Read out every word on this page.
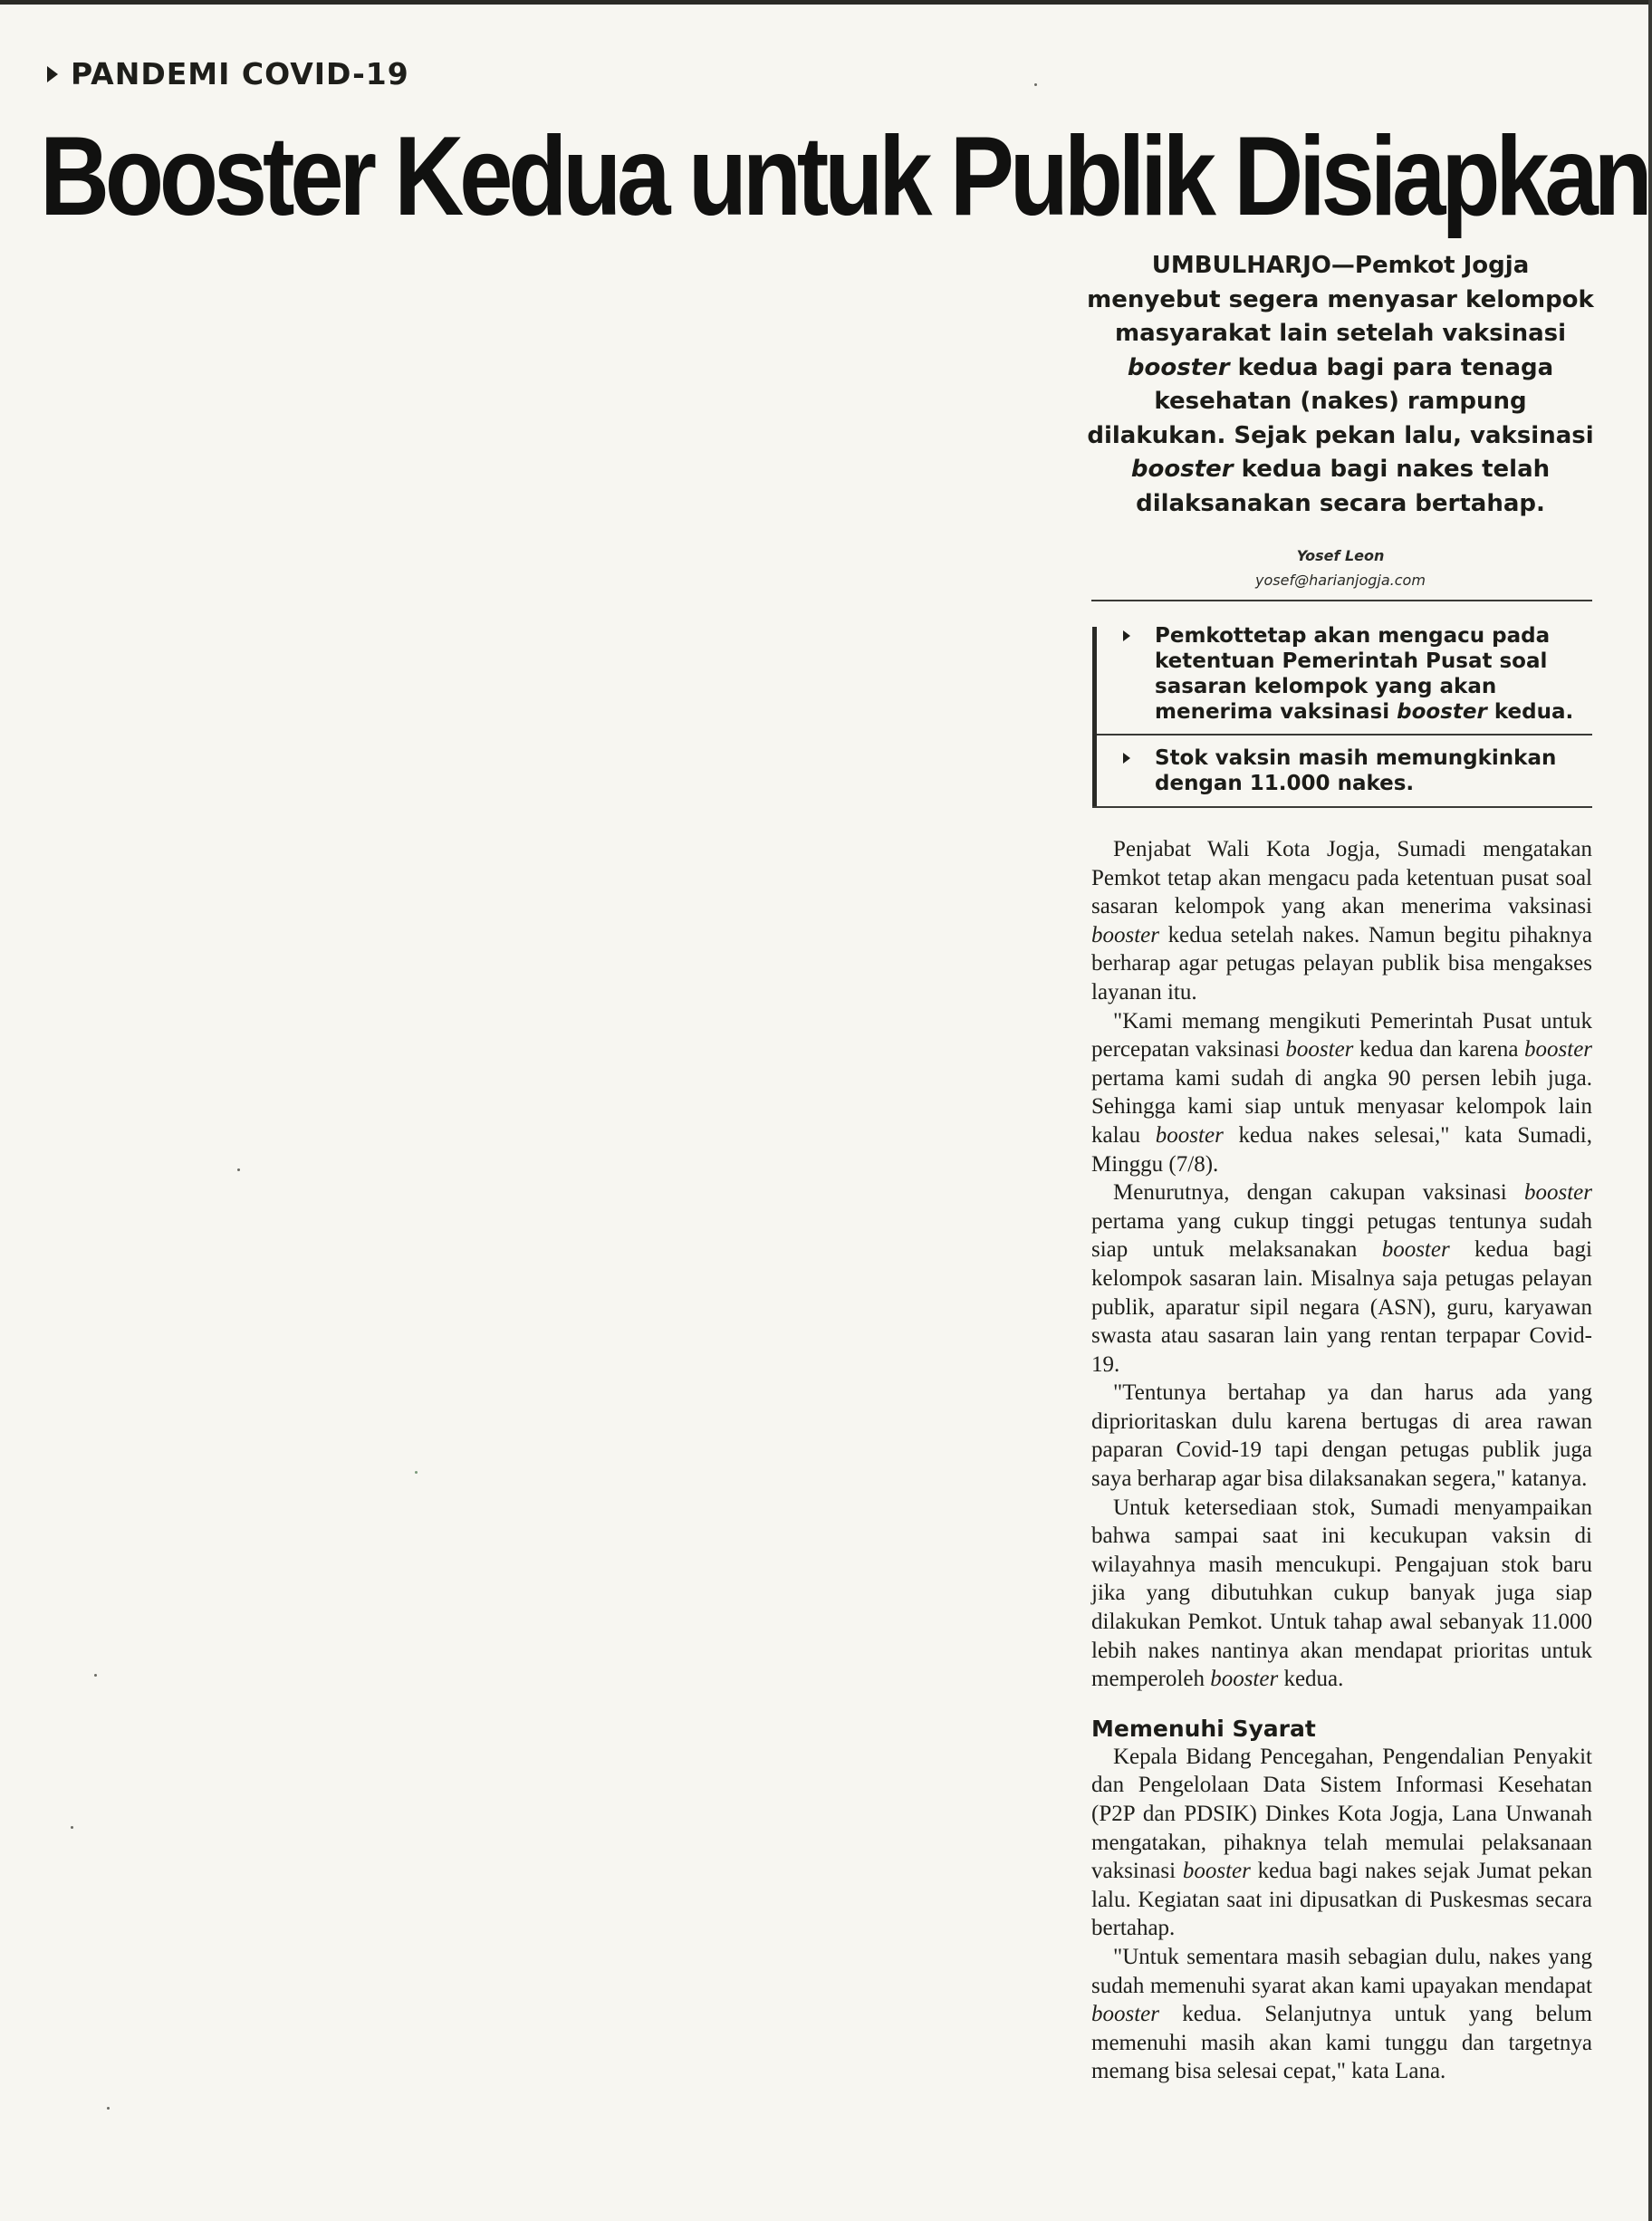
PANDEMI COVID-19
Booster Kedua untuk Publik Disiapkan
UMBULHARJO—Pemkot Jogja menyebut segera menyasar kelompok masyarakat lain setelah vaksinasi booster kedua bagi para tenaga kesehatan (nakes) rampung dilakukan. Sejak pekan lalu, vaksinasi booster kedua bagi nakes telah dilaksanakan secara bertahap.
Yosef Leon
yosef@harianjogja.com
Pemkottetap akan mengacu pada ketentuan Pemerintah Pusat soal sasaran kelompok yang akan menerima vaksinasi booster kedua.
Stok vaksin masih memungkinkan dengan 11.000 nakes.

Penjabat Wali Kota Jogja, Sumadi mengatakan Pemkot tetap akan mengacu pada ketentuan pusat soal sasaran kelompok yang akan menerima vaksinasi booster kedua setelah nakes. Namun begitu pihaknya berharap agar petugas pelayan publik bisa mengakses layanan itu.

"Kami memang mengikuti Pemerintah Pusat untuk percepatan vaksinasi booster kedua dan karena booster pertama kami sudah di angka 90 persen lebih juga. Sehingga kami siap untuk menyasar kelompok lain kalau booster kedua nakes selesai," kata Sumadi, Minggu (7/8).

Menurutnya, dengan cakupan vaksinasi booster pertama yang cukup tinggi petugas tentunya sudah siap untuk melaksanakan booster kedua bagi kelompok sasaran lain. Misalnya saja petugas pelayan publik, aparatur sipil negara (ASN), guru, karyawan swasta atau sasaran lain yang rentan terpapar Covid-19.

"Tentunya bertahap ya dan harus ada yang diprioritaskan dulu karena bertugas di area rawan paparan Covid-19 tapi dengan petugas publik juga saya berharap agar bisa dilaksanakan segera," katanya.

Untuk ketersediaan stok, Sumadi menyampaikan bahwa sampai saat ini kecukupan vaksin di wilayahnya masih mencukupi. Pengajuan stok baru jika yang dibutuhkan cukup banyak juga siap dilakukan Pemkot. Untuk tahap awal sebanyak 11.000 lebih nakes nantinya akan mendapat prioritas untuk memperoleh booster kedua.

Memenuhi Syarat

Kepala Bidang Pencegahan, Pengendalian Penyakit dan Pengelolaan Data Sistem Informasi Kesehatan (P2P dan PDSIK) Dinkes Kota Jogja, Lana Unwanah mengatakan, pihaknya telah memulai pelaksanaan vaksinasi booster kedua bagi nakes sejak Jumat pekan lalu. Kegiatan saat ini dipusatkan di Puskesmas secara bertahap.

"Untuk sementara masih sebagian dulu, nakes yang sudah memenuhi syarat akan kami upayakan mendapat booster kedua. Selanjutnya untuk yang belum memenuhi masih akan kami tunggu dan targetnya memang bisa selesai cepat," kata Lana.
